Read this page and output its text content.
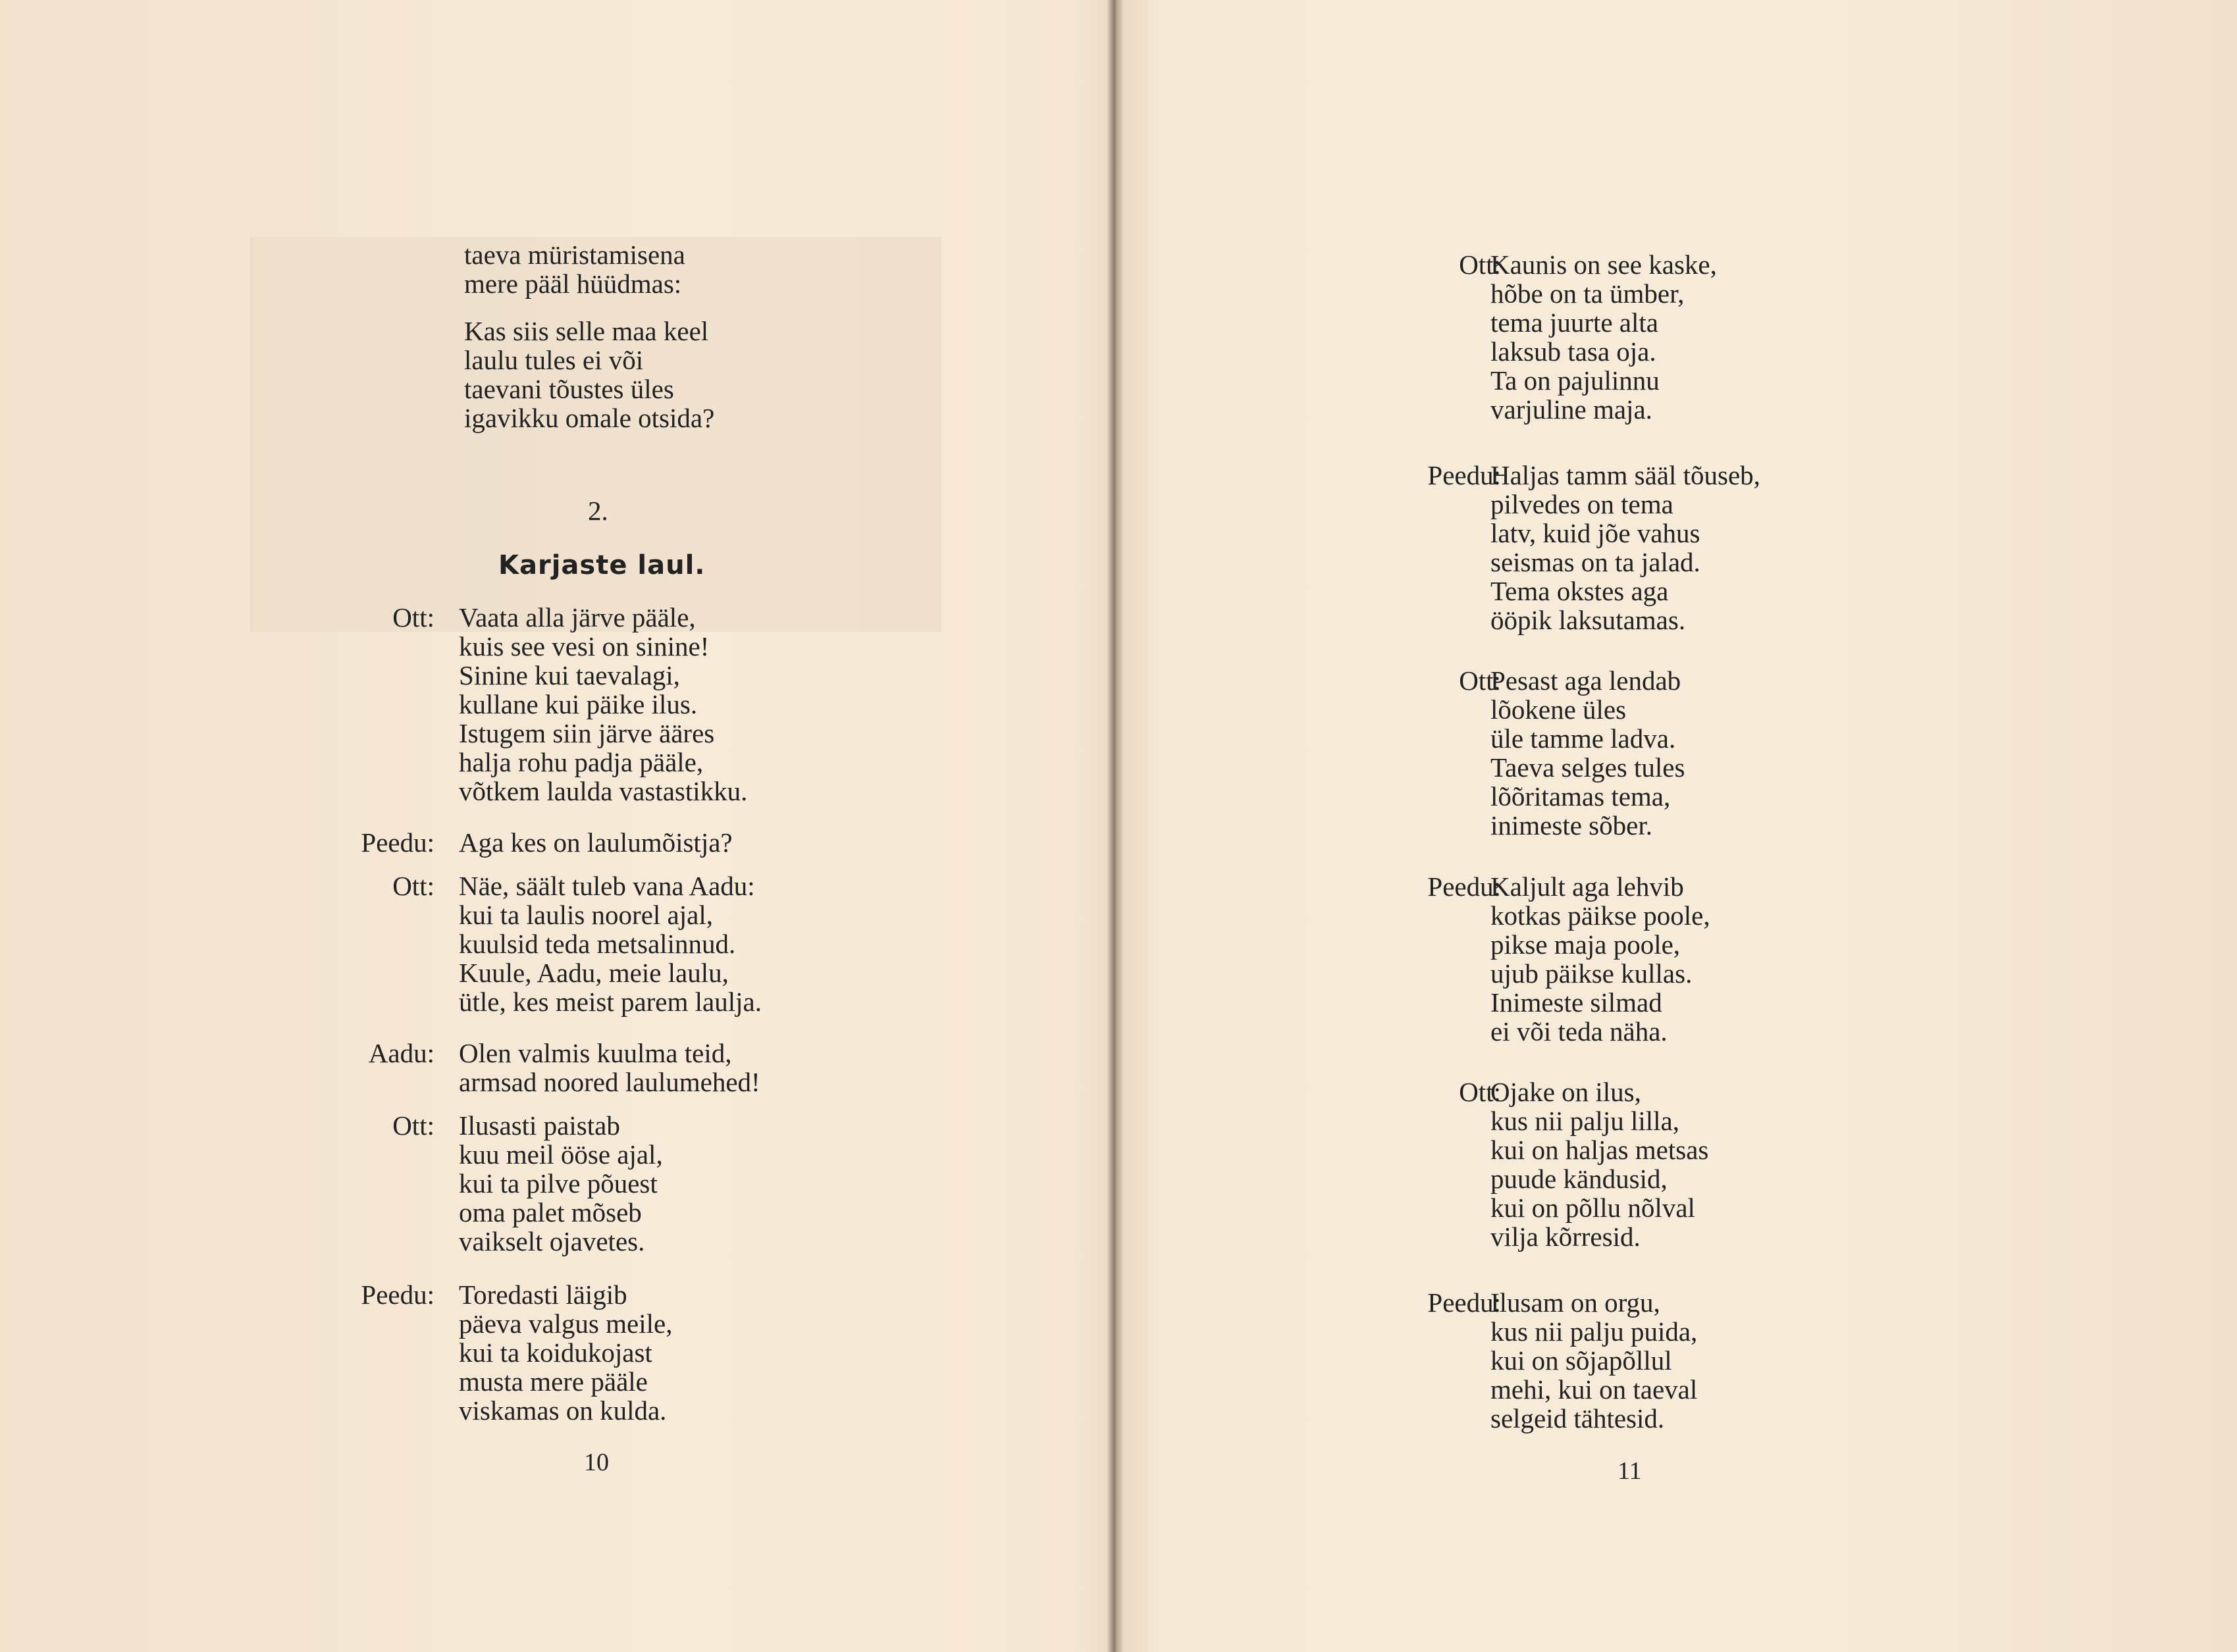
taeva müristamisena
mere pääl hüüdmas:
Kas siis selle maa keel
laulu tules ei või
taevani tõustes üles
igavikku omale otsida?
2.
Karjaste laul.
Ott: Vaata alla järve pääle,
kuis see vesi on sinine!
Sinine kui taevalagi,
kullane kui päike ilus.
Istugem siin järve ääres
halja rohu padja pääle,
võtkem laulda vastastikku.
Peedu: Aga kes on laulumõistja?
Ott: Näe, säält tuleb vana Aadu:
kui ta laulis noorel ajal,
kuulsid teda metsalinnud.
Kuule, Aadu, meie laulu,
ütle, kes meist parem laulja.
Aadu: Olen valmis kuulma teid,
armsad noored laulumehed!
Ott: Ilusasti paistab
kuu meil ööse ajal,
kui ta pilve põuest
oma palet mõseb
vaikselt ojavetes.
Peedu: Toredasti läigib
päeva valgus meile,
kui ta koidukojast
musta mere pääle
viskamas on kulda.
10
Ott:
Kaunis on see kaske,
hõbe on ta ümber,
tema juurte alta
laksub tasa oja.
Ta on pajulinnu
varjuline maja.
Peedu:
Haljas tamm sääl tõuseb,
pilvedes on tema
latv, kuid jõe vahus
seismas on ta jalad.
Tema okstes aga
ööpik laksutamas.
Ott:
Pesast aga lendab
lõokene üles
üle tamme ladva.
Taeva selges tules
lõõritamas tema,
inimeste sõber.
Peedu:
Kaljult aga lehvib
kotkas päikse poole,
pikse maja poole,
ujub päikse kullas.
Inimeste silmad
ei või teda näha.
Ott:
Ojake on ilus,
kus nii palju lilla,
kui on haljas metsas
puude kändusid,
kui on põllu nõlval
vilja kõrresid.
Peedu:
Ilusam on orgu,
kus nii palju puida,
kui on sõjapõllul
mehi, kui on taeval
selgeid tähtesid.
11
